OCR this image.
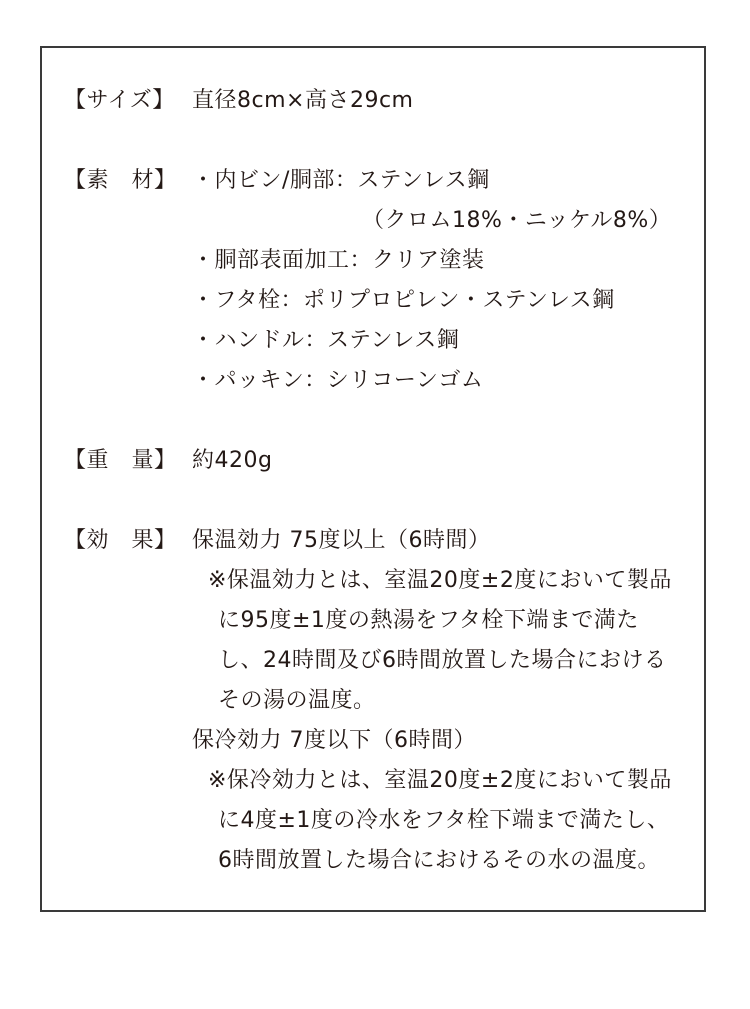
【サイズ】 直径8cm×高さ29cm
【素　材】 ・内ビン/胴部：ステンレス鋼
（クロム18%・ニッケル8%）
・胴部表面加工：クリア塗装
・フタ栓：ポリプロピレン・ステンレス鋼
・ハンドル：ステンレス鋼
・パッキン：シリコーンゴム
【重　量】 約420g
【効　果】 保温効力 75度以上（6時間）
※保温効力とは、室温20度±2度において製品
に95度±1度の熱湯をフタ栓下端まで満た
し、24時間及び6時間放置した場合における
その湯の温度。
保冷効力 7度以下（6時間）
※保冷効力とは、室温20度±2度において製品
に4度±1度の冷水をフタ栓下端まで満たし、
6時間放置した場合におけるその水の温度。
